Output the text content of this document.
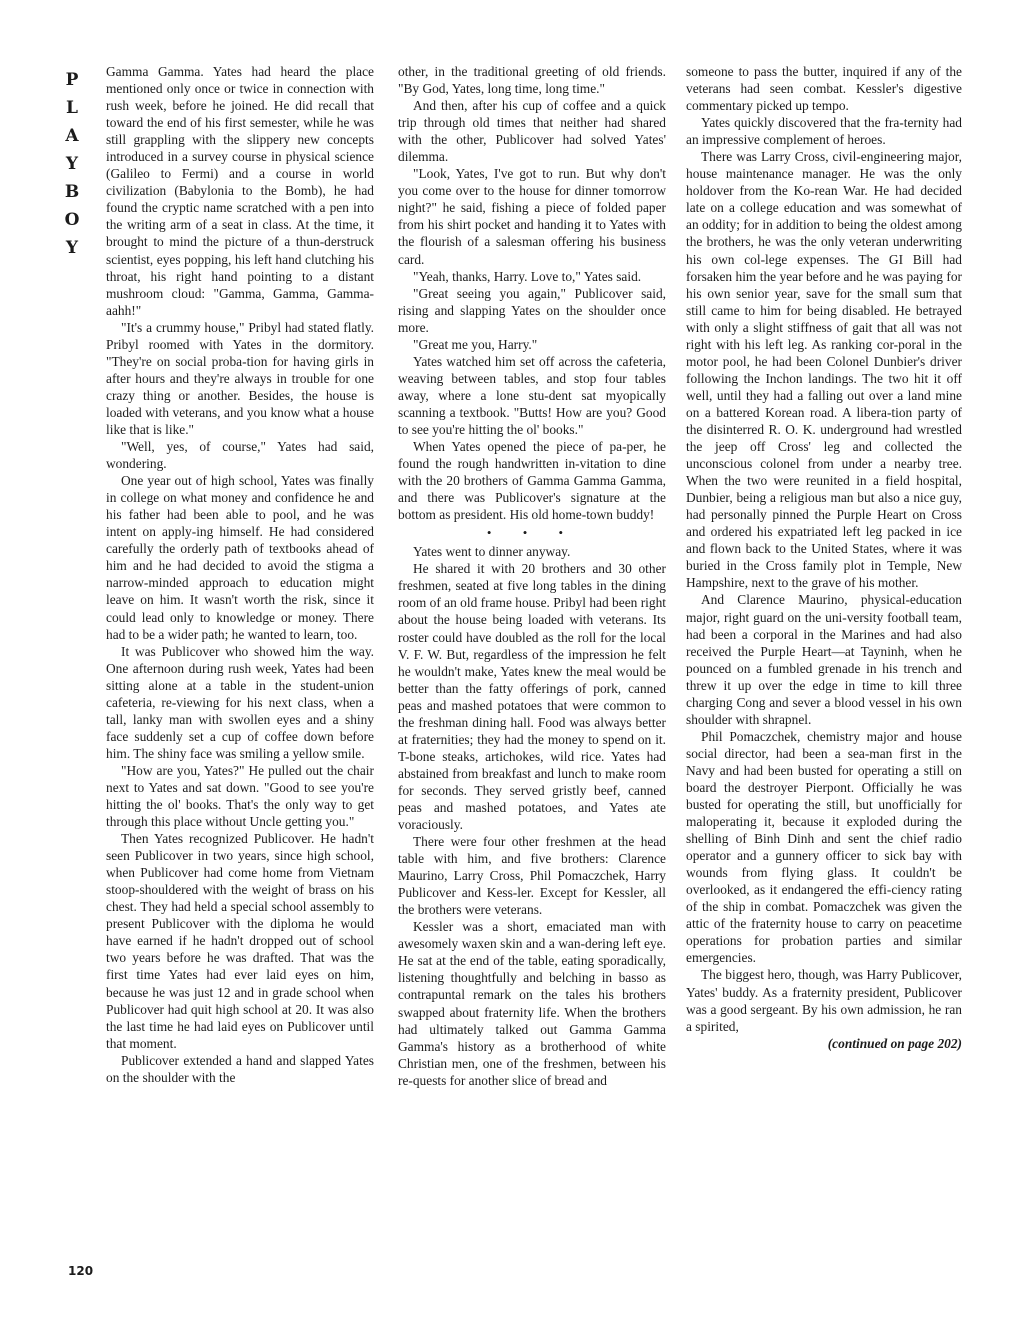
P
L
A
Y
B
O
Y

Gamma Gamma. Yates had heard the place mentioned only once or twice in connection with rush week, before he joined. He did recall that toward the end of his first semester, while he was still grappling with the slippery new concepts introduced in a survey course in physical science (Galileo to Fermi) and a course in world civilization (Babylonia to the Bomb), he had found the cryptic name scratched with a pen into the writing arm of a seat in class. At the time, it brought to mind the picture of a thun-derstruck scientist, eyes popping, his left hand clutching his throat, his right hand pointing to a distant mushroom cloud: "Gamma, Gamma, Gamma-aahh!"

"It's a crummy house," Pribyl had stated flatly. Pribyl roomed with Yates in the dormitory. "They're on social proba-tion for having girls in after hours and they're always in trouble for one crazy thing or another. Besides, the house is loaded with veterans, and you know what a house like that is like."

"Well, yes, of course," Yates had said, wondering.

One year out of high school, Yates was finally in college on what money and confidence he and his father had been able to pool, and he was intent on apply-ing himself. He had considered carefully the orderly path of textbooks ahead of him and he had decided to avoid the stigma a narrow-minded approach to education might leave on him. It wasn't worth the risk, since it could lead only to knowledge or money. There had to be a wider path; he wanted to learn, too.

It was Publicover who showed him the way. One afternoon during rush week, Yates had been sitting alone at a table in the student-union cafeteria, re-viewing for his next class, when a tall, lanky man with swollen eyes and a shiny face suddenly set a cup of coffee down before him. The shiny face was smiling a yellow smile.

"How are you, Yates?" He pulled out the chair next to Yates and sat down. "Good to see you're hitting the ol' books. That's the only way to get through this place without Uncle getting you."

Then Yates recognized Publicover. He hadn't seen Publicover in two years, since high school, when Publicover had come home from Vietnam stoop-shouldered with the weight of brass on his chest. They had held a special school assembly to present Publicover with the diploma he would have earned if he hadn't dropped out of school two years before he was drafted. That was the first time Yates had ever laid eyes on him, because he was just 12 and in grade school when Publicover had quit high school at 20. It was also the last time he had laid eyes on Publicover until that moment.

Publicover extended a hand and slapped Yates on the shoulder with the

other, in the traditional greeting of old friends. "By God, Yates, long time, long time."

And then, after his cup of coffee and a quick trip through old times that neither had shared with the other, Publicover had solved Yates' dilemma.

"Look, Yates, I've got to run. But why don't you come over to the house for dinner tomorrow night?" he said, fishing a piece of folded paper from his shirt pocket and handing it to Yates with the flourish of a salesman offering his business card.

"Yeah, thanks, Harry. Love to," Yates said.

"Great seeing you again," Publicover said, rising and slapping Yates on the shoulder once more.

"Great me you, Harry."

Yates watched him set off across the cafeteria, weaving between tables, and stop four tables away, where a lone stu-dent sat myopically scanning a textbook. "Butts! How are you? Good to see you're hitting the ol' books."

When Yates opened the piece of pa-per, he found the rough handwritten in-vitation to dine with the 20 brothers of Gamma Gamma Gamma, and there was Publicover's signature at the bottom as president. His old home-town buddy!

• • •

Yates went to dinner anyway.

He shared it with 20 brothers and 30 other freshmen, seated at five long tables in the dining room of an old frame house. Pribyl had been right about the house being loaded with veterans. Its roster could have doubled as the roll for the local V. F. W. But, regardless of the impression he felt he wouldn't make, Yates knew the meal would be better than the fatty offerings of pork, canned peas and mashed potatoes that were common to the freshman dining hall. Food was always better at fraternities; they had the money to spend on it. T-bone steaks, artichokes, wild rice. Yates had abstained from breakfast and lunch to make room for seconds. They served gristly beef, canned peas and mashed potatoes, and Yates ate voraciously.

There were four other freshmen at the head table with him, and five brothers: Clarence Maurino, Larry Cross, Phil Pomaczchek, Harry Publicover and Kess-ler. Except for Kessler, all the brothers were veterans.

Kessler was a short, emaciated man with awesomely waxen skin and a wan-dering left eye. He sat at the end of the table, eating sporadically, listening thoughtfully and belching in basso as contrapuntal remark on the tales his brothers swapped about fraternity life. When the brothers had ultimately talked out Gamma Gamma Gamma's history as a brotherhood of white Christian men, one of the freshmen, between his re-quests for another slice of bread and

someone to pass the butter, inquired if any of the veterans had seen combat. Kessler's digestive commentary picked up tempo.

Yates quickly discovered that the fra-ternity had an impressive complement of heroes.

There was Larry Cross, civil-engineering major, house maintenance manager. He was the only holdover from the Ko-rean War. He had decided late on a college education and was somewhat of an oddity; for in addition to being the oldest among the brothers, he was the only veteran underwriting his own col-lege expenses. The GI Bill had forsaken him the year before and he was paying for his own senior year, save for the small sum that still came to him for being disabled. He betrayed with only a slight stiffness of gait that all was not right with his left leg. As ranking cor-poral in the motor pool, he had been Colonel Dunbier's driver following the Inchon landings. The two hit it off well, until they had a falling out over a land mine on a battered Korean road. A libera-tion party of the disinterred R. O. K. underground had wrestled the jeep off Cross' leg and collected the unconscious colonel from under a nearby tree. When the two were reunited in a field hospital, Dunbier, being a religious man but also a nice guy, had personally pinned the Purple Heart on Cross and ordered his expatriated left leg packed in ice and flown back to the United States, where it was buried in the Cross family plot in Temple, New Hampshire, next to the grave of his mother.

And Clarence Maurino, physical-education major, right guard on the uni-versity football team, had been a corporal in the Marines and had also received the Purple Heart—at Tayninh, when he pounced on a fumbled grenade in his trench and threw it up over the edge in time to kill three charging Cong and sever a blood vessel in his own shoulder with shrapnel.

Phil Pomaczchek, chemistry major and house social director, had been a sea-man first in the Navy and had been busted for operating a still on board the destroyer Pierpont. Officially he was busted for operating the still, but unofficially for maloperating it, because it exploded during the shelling of Binh Dinh and sent the chief radio operator and a gunnery officer to sick bay with wounds from flying glass. It couldn't be overlooked, as it endangered the effi-ciency rating of the ship in combat. Pomaczchek was given the attic of the fraternity house to carry on peacetime operations for probation parties and similar emergencies.

The biggest hero, though, was Harry Publicover, Yates' buddy. As a fraternity president, Publicover was a good sergeant. By his own admission, he ran a spirited,

(continued on page 202)

120
